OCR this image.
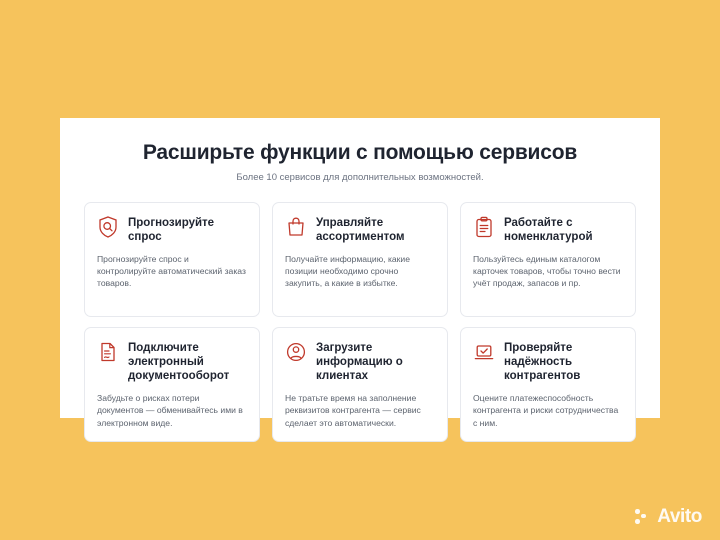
Расширьте функции с помощью сервисов
Более 10 сервисов для дополнительных возможностей.
Прогнозируйте спрос
Прогнозируйте спрос и контролируйте автоматический заказ товаров.
Управляйте ассортиментом
Получайте информацию, какие позиции необходимо срочно закупить, а какие в избытке.
Работайте с номенклатурой
Пользуйтесь единым каталогом карточек товаров, чтобы точно вести учёт продаж, запасов и пр.
Подключите электронный документооборот
Забудьте о рисках потери документов — обменивайтесь ими в электронном виде.
Загрузите информацию о клиентах
Не тратьте время на заполнение реквизитов контрагента — сервис сделает это автоматически.
Проверяйте надёжность контрагентов
Оцените платежеспособность контрагента и риски сотрудничества с ним.
Avito
